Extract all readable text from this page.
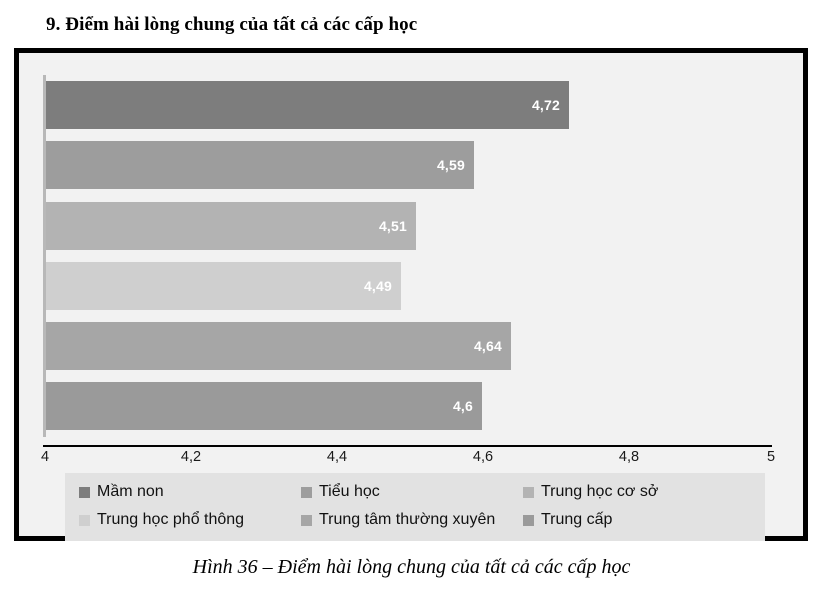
9. Điểm hài lòng chung của tất cả các cấp học
4,72
4,59
4,51
4,49
4,64
4,6
4	4,2	4,4	4,6	4,8	5
Mầm non	Tiểu học	Trung học cơ sở
Trung học phổ thông	Trung tâm thường xuyên	Trung cấp
Hình 36 – Điểm hài lòng chung của tất cả các cấp học
